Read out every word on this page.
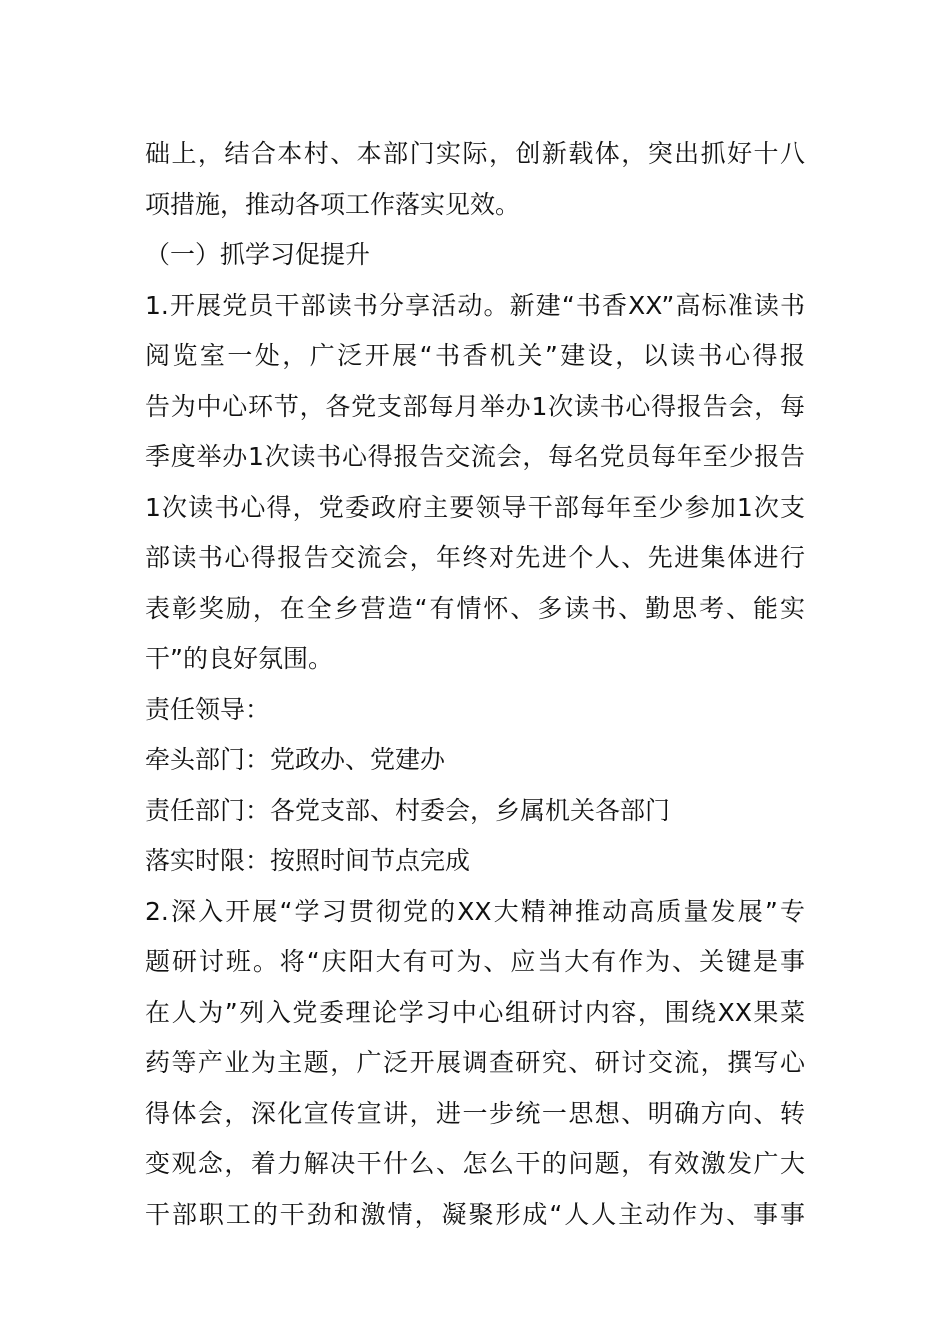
础上，结合本村、本部门实际，创新载体，突出抓好十八
项措施，推动各项工作落实见效。
（一）抓学习促提升
1.开展党员干部读书分享活动。新建“书香XX”高标准读书
阅览室一处，广泛开展“书香机关”建设，以读书心得报
告为中心环节，各党支部每月举办1次读书心得报告会，每
季度举办1次读书心得报告交流会，每名党员每年至少报告
1次读书心得，党委政府主要领导干部每年至少参加1次支
部读书心得报告交流会，年终对先进个人、先进集体进行
表彰奖励，在全乡营造“有情怀、多读书、勤思考、能实
干”的良好氛围。
责任领导：
牵头部门：党政办、党建办
责任部门：各党支部、村委会，乡属机关各部门
落实时限：按照时间节点完成
2.深入开展“学习贯彻党的XX大精神推动高质量发展”专
题研讨班。将“庆阳大有可为、应当大有作为、关键是事
在人为”列入党委理论学习中心组研讨内容，围绕XX果菜
药等产业为主题，广泛开展调查研究、研讨交流，撰写心
得体会，深化宣传宣讲，进一步统一思想、明确方向、转
变观念，着力解决干什么、怎么干的问题，有效激发广大
干部职工的干劲和激情，凝聚形成“人人主动作为、事事
